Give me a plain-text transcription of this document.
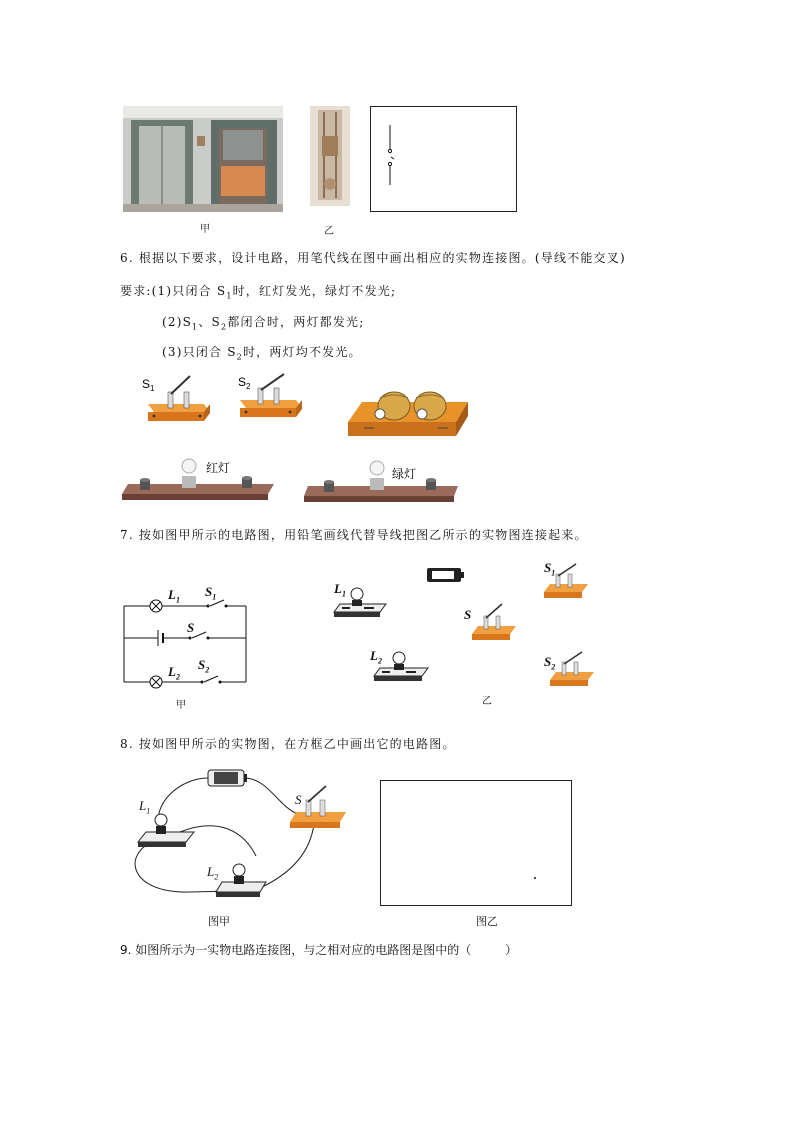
甲	乙
6. 根据以下要求，设计电路，用笔代线在图中画出相应的实物连接图。(导线不能交叉)
要求:(1)只闭合 $S_1$时，红灯发光，绿灯不发光;
$(2)S_1$、$S_2$都闭合时，两灯都发光;
(3)只闭合 $S_2$时，两灯均不发光。
$S_1$	$S_2$
红灯	绿灯
7. 按如图甲所示的电路图，用铅笔画线代替导线把图乙所示的实物图连接起来。
$L_1$
$S_1$
S
$L_2$
$S_2$
甲
$L_1$
$L_2$
S
$S_1$
$S_2$
乙
8. 按如图甲所示的实物图，在方框乙中画出它的电路图。
$L_1$
$L_2$
S
图甲	图乙
9. 如图所示为一实物电路连接图，与之相对应的电路图是图中的（	）
